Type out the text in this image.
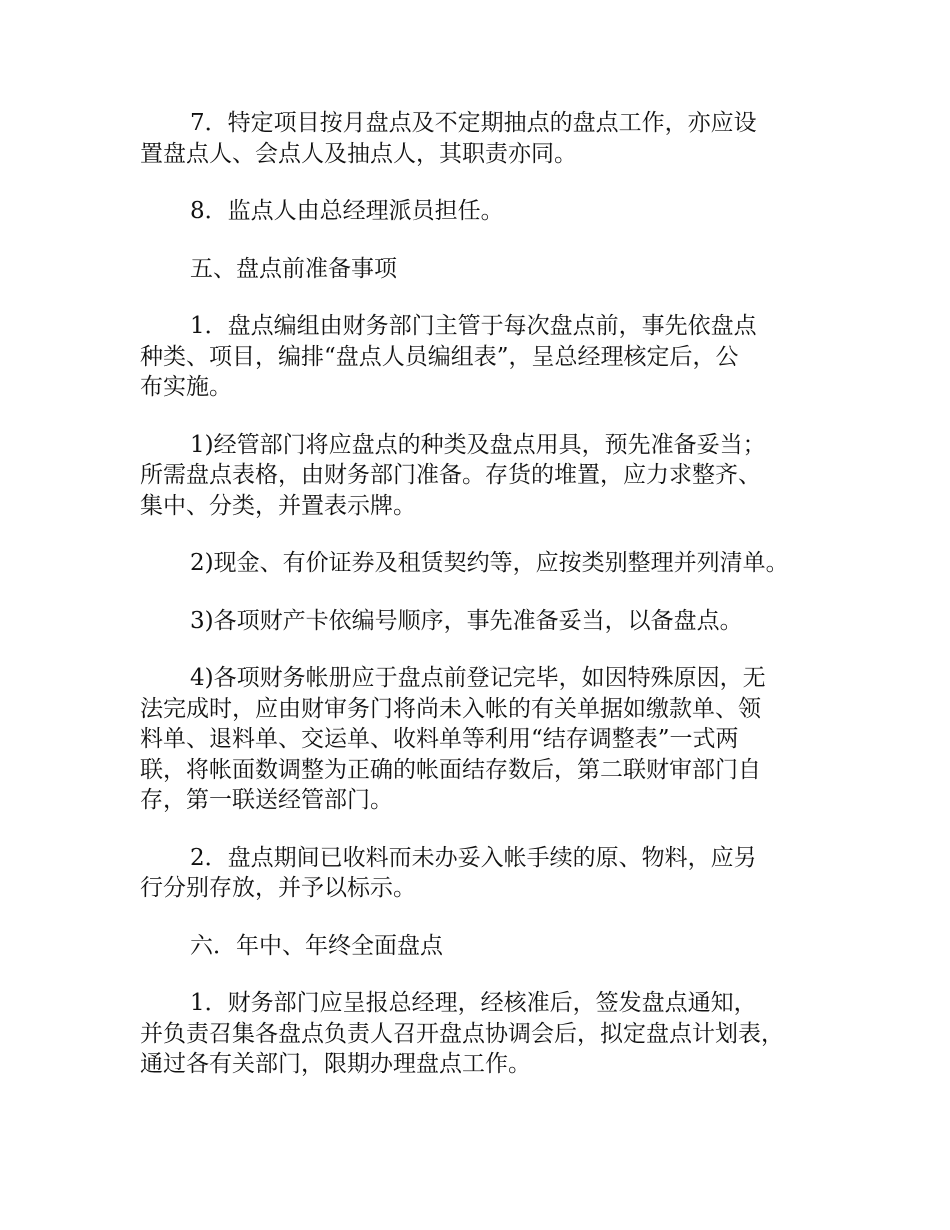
7．特定项目按月盘点及不定期抽点的盘点工作，亦应设
置盘点人、会点人及抽点人，其职责亦同。

8．监点人由总经理派员担任。

五、盘点前准备事项

1．盘点编组由财务部门主管于每次盘点前，事先依盘点
种类、项目，编排“盘点人员编组表”，呈总经理核定后，公
布实施。

1)经管部门将应盘点的种类及盘点用具，预先准备妥当；
所需盘点表格，由财务部门准备。存货的堆置，应力求整齐、
集中、分类，并置表示牌。

2)现金、有价证券及租赁契约等，应按类别整理并列清单。

3)各项财产卡依编号顺序，事先准备妥当，以备盘点。

4)各项财务帐册应于盘点前登记完毕，如因特殊原因，无
法完成时，应由财审务门将尚未入帐的有关单据如缴款单、领
料单、退料单、交运单、收料单等利用“结存调整表”一式两
联，将帐面数调整为正确的帐面结存数后，第二联财审部门自
存，第一联送经管部门。

2．盘点期间已收料而未办妥入帐手续的原、物料，应另
行分别存放，并予以标示。

六．年中、年终全面盘点

1．财务部门应呈报总经理，经核准后，签发盘点通知，
并负责召集各盘点负责人召开盘点协调会后，拟定盘点计划表，
通过各有关部门，限期办理盘点工作。
